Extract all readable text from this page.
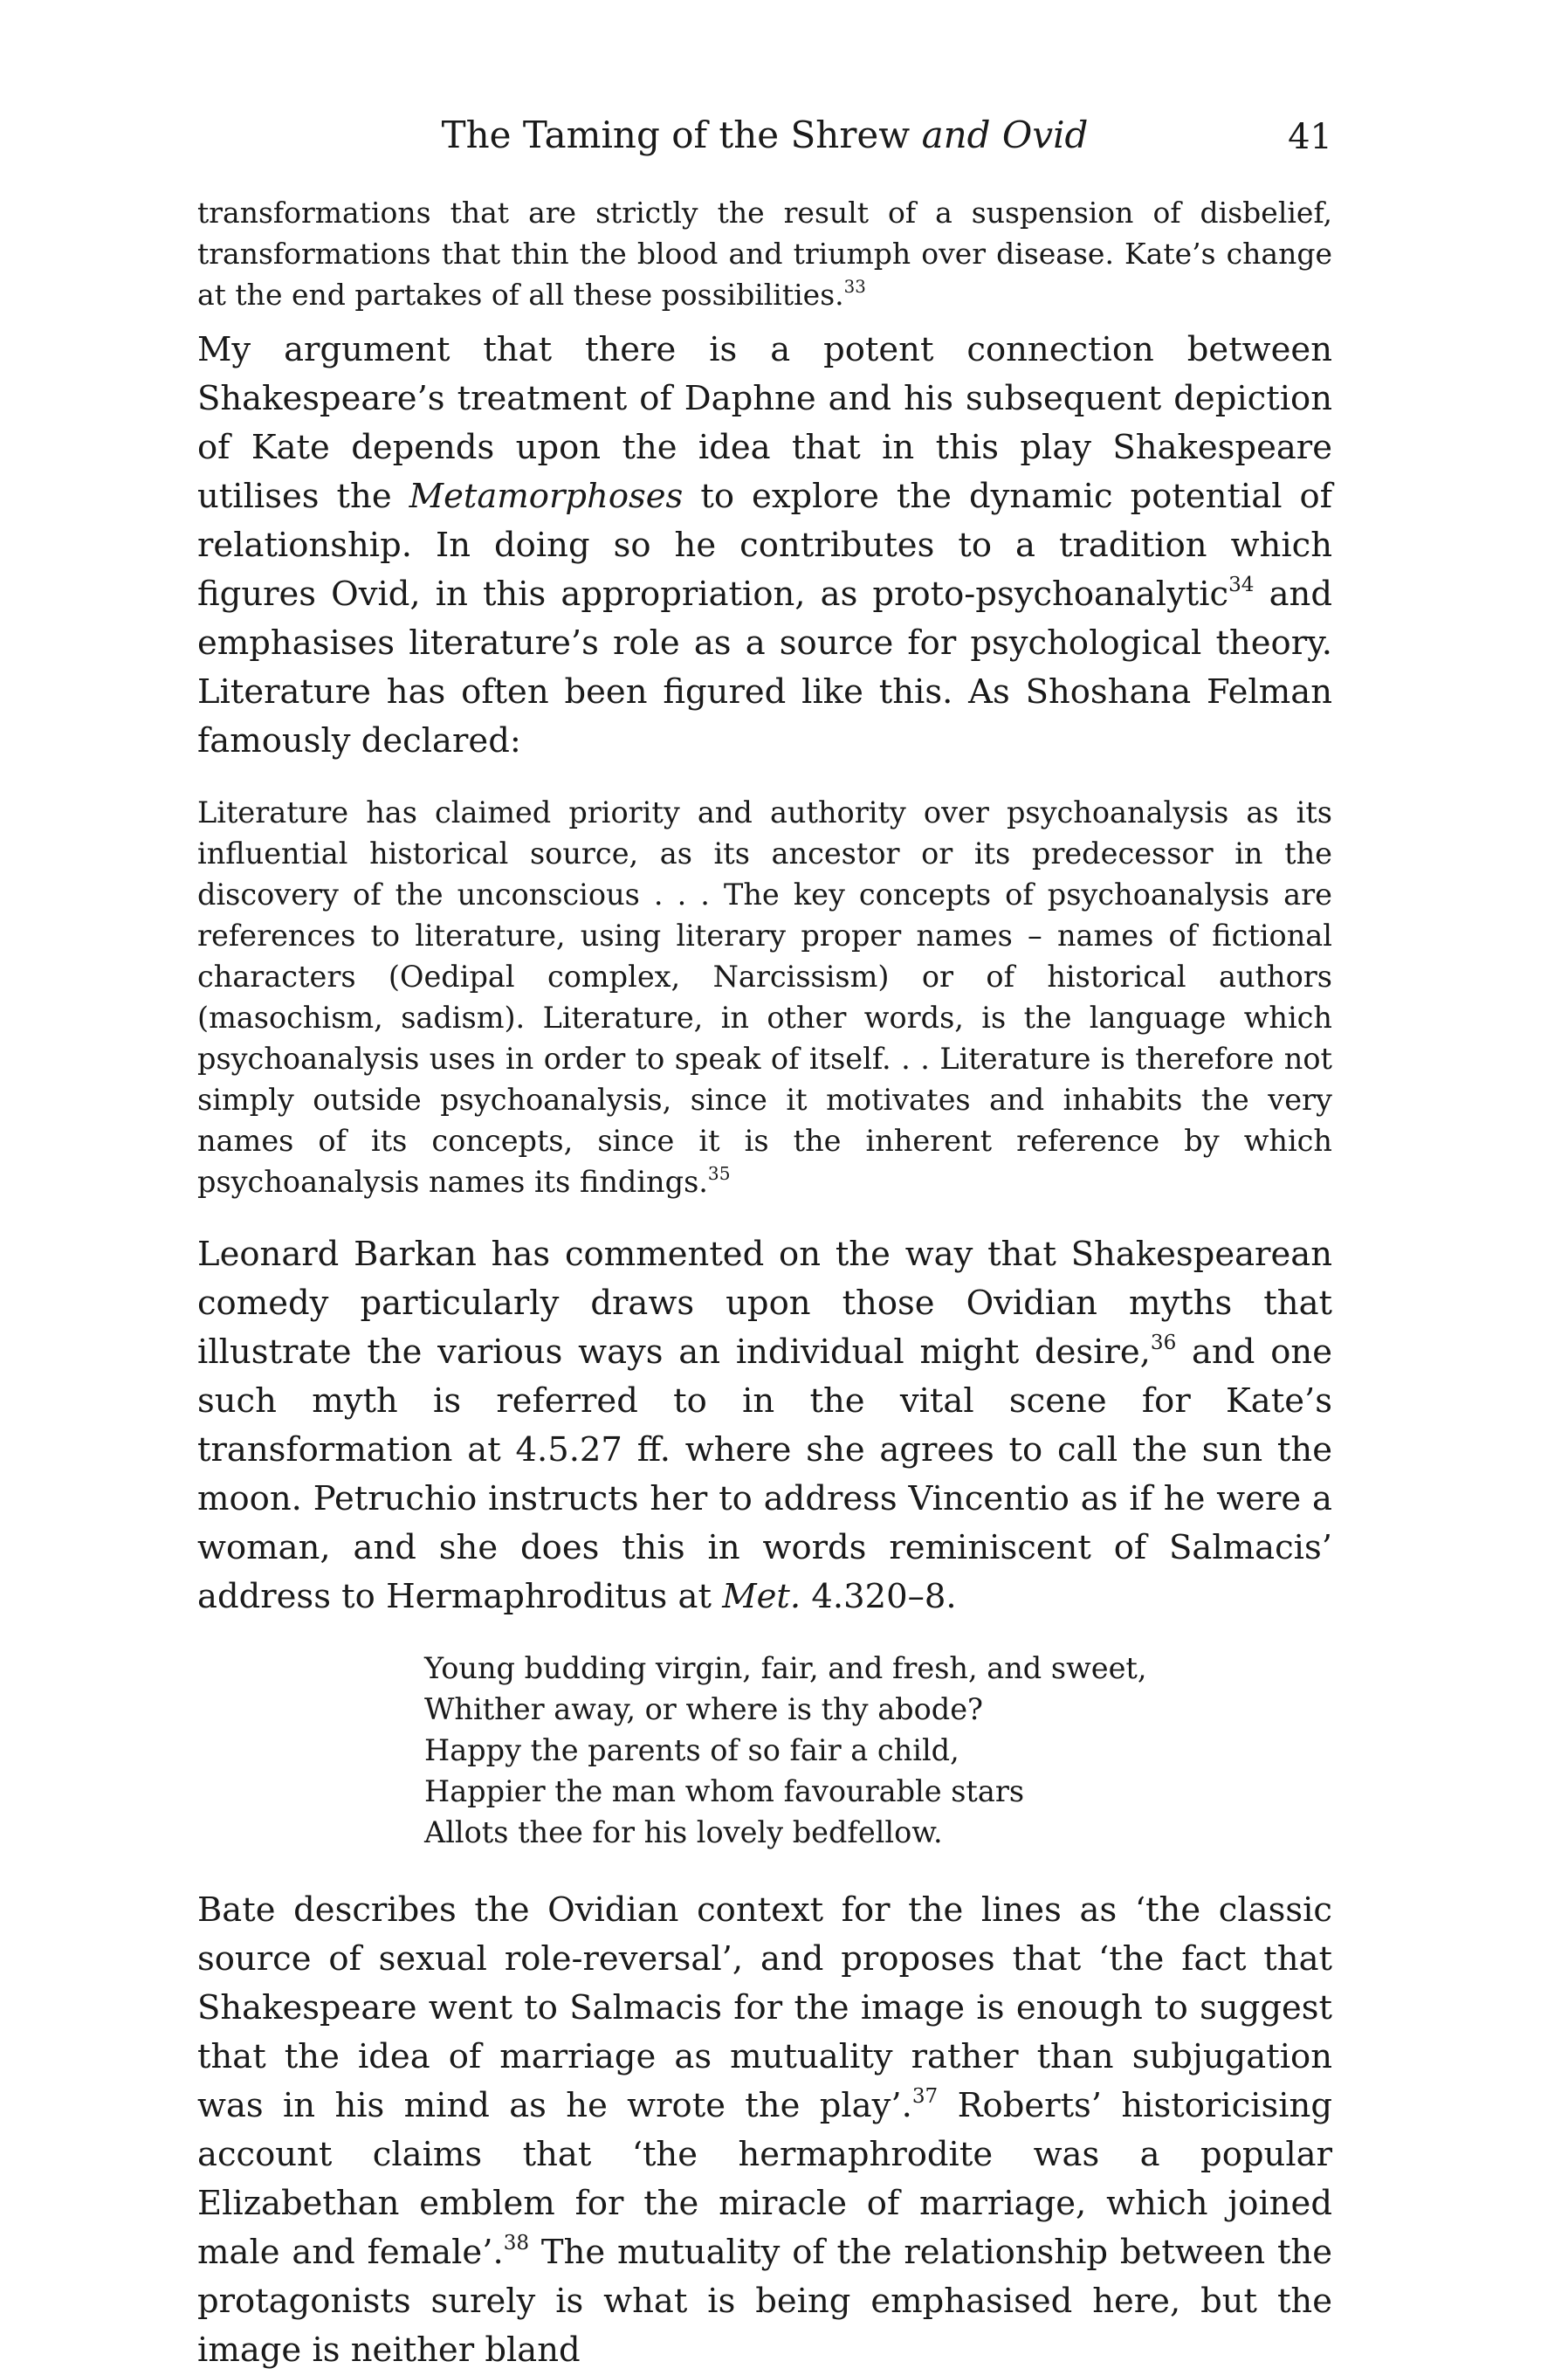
The Taming of the Shrew and Ovid	41

transformations that are strictly the result of a suspension of disbelief, transformations that thin the blood and triumph over disease. Kate’s change at the end partakes of all these possibilities.$^{33}$

My argument that there is a potent connection between Shakespeare’s treatment of Daphne and his subsequent depiction of Kate depends upon the idea that in this play Shakespeare utilises the Metamorphoses to explore the dynamic potential of relationship. In doing so he contributes to a tradition which figures Ovid, in this appropriation, as proto-psychoanalytic$^{34}$ and emphasises literature’s role as a source for psychological theory. Literature has often been figured like this. As Shoshana Felman famously declared:

Literature has claimed priority and authority over psychoanalysis as its influential historical source, as its ancestor or its predecessor in the discovery of the unconscious . . . The key concepts of psychoanalysis are references to literature, using literary proper names – names of fictional characters (Oedipal complex, Narcissism) or of historical authors (masochism, sadism). Literature, in other words, is the language which psychoanalysis uses in order to speak of itself. . . Literature is therefore not simply outside psychoanalysis, since it motivates and inhabits the very names of its concepts, since it is the inherent reference by which psychoanalysis names its findings.$^{35}$

Leonard Barkan has commented on the way that Shakespearean comedy particularly draws upon those Ovidian myths that illustrate the various ways an individual might desire,$^{36}$ and one such myth is referred to in the vital scene for Kate’s transformation at 4.5.27 ff. where she agrees to call the sun the moon. Petruchio instructs her to address Vincentio as if he were a woman, and she does this in words reminiscent of Salmacis’ address to Hermaphroditus at Met. 4.320–8.

Young budding virgin, fair, and fresh, and sweet,
Whither away, or where is thy abode?
Happy the parents of so fair a child,
Happier the man whom favourable stars
Allots thee for his lovely bedfellow.

Bate describes the Ovidian context for the lines as ‘the classic source of sexual role-reversal’, and proposes that ‘the fact that Shakespeare went to Salmacis for the image is enough to suggest that the idea of marriage as mutuality rather than subjugation was in his mind as he wrote the play’.$^{37}$ Roberts’ historicising account claims that ‘the hermaphrodite was a popular Elizabethan emblem for the miracle of marriage, which joined male and female’.$^{38}$ The mutuality of the relationship between the protagonists surely is what is being emphasised here, but the image is neither bland
